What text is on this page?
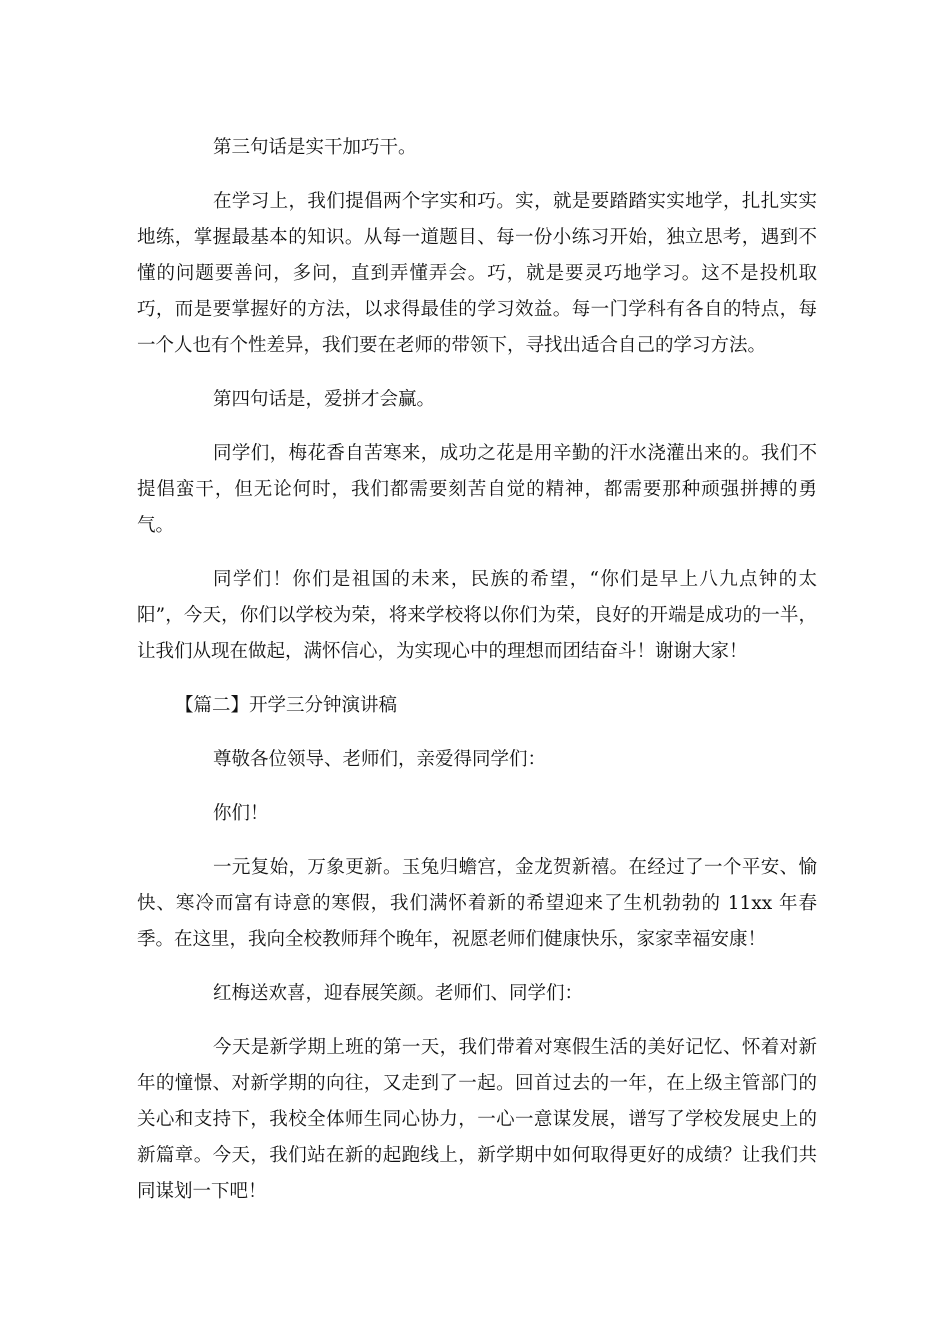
第三句话是实干加巧干。

在学习上，我们提倡两个字实和巧。实，就是要踏踏实实地学，扎扎实实地练，掌握最基本的知识。从每一道题目、每一份小练习开始，独立思考，遇到不懂的问题要善问，多问，直到弄懂弄会。巧，就是要灵巧地学习。这不是投机取巧，而是要掌握好的方法，以求得最佳的学习效益。每一门学科有各自的特点，每一个人也有个性差异，我们要在老师的带领下，寻找出适合自己的学习方法。

第四句话是，爱拼才会赢。

同学们，梅花香自苦寒来，成功之花是用辛勤的汗水浇灌出来的。我们不提倡蛮干，但无论何时，我们都需要刻苦自觉的精神，都需要那种顽强拼搏的勇气。

同学们！你们是祖国的未来，民族的希望，“你们是早上八九点钟的太阳”，今天，你们以学校为荣，将来学校将以你们为荣，良好的开端是成功的一半，让我们从现在做起，满怀信心，为实现心中的理想而团结奋斗！谢谢大家！

【篇二】开学三分钟演讲稿

尊敬各位领导、老师们，亲爱得同学们：

你们！

一元复始，万象更新。玉兔归蟾宫，金龙贺新禧。在经过了一个平安、愉快、寒冷而富有诗意的寒假，我们满怀着新的希望迎来了生机勃勃的 11xx 年春季。在这里，我向全校教师拜个晚年，祝愿老师们健康快乐，家家幸福安康！

红梅送欢喜，迎春展笑颜。老师们、同学们：

今天是新学期上班的第一天，我们带着对寒假生活的美好记忆、怀着对新年的憧憬、对新学期的向往，又走到了一起。回首过去的一年，在上级主管部门的关心和支持下，我校全体师生同心协力，一心一意谋发展，谱写了学校发展史上的新篇章。今天，我们站在新的起跑线上，新学期中如何取得更好的成绩？让我们共同谋划一下吧！
